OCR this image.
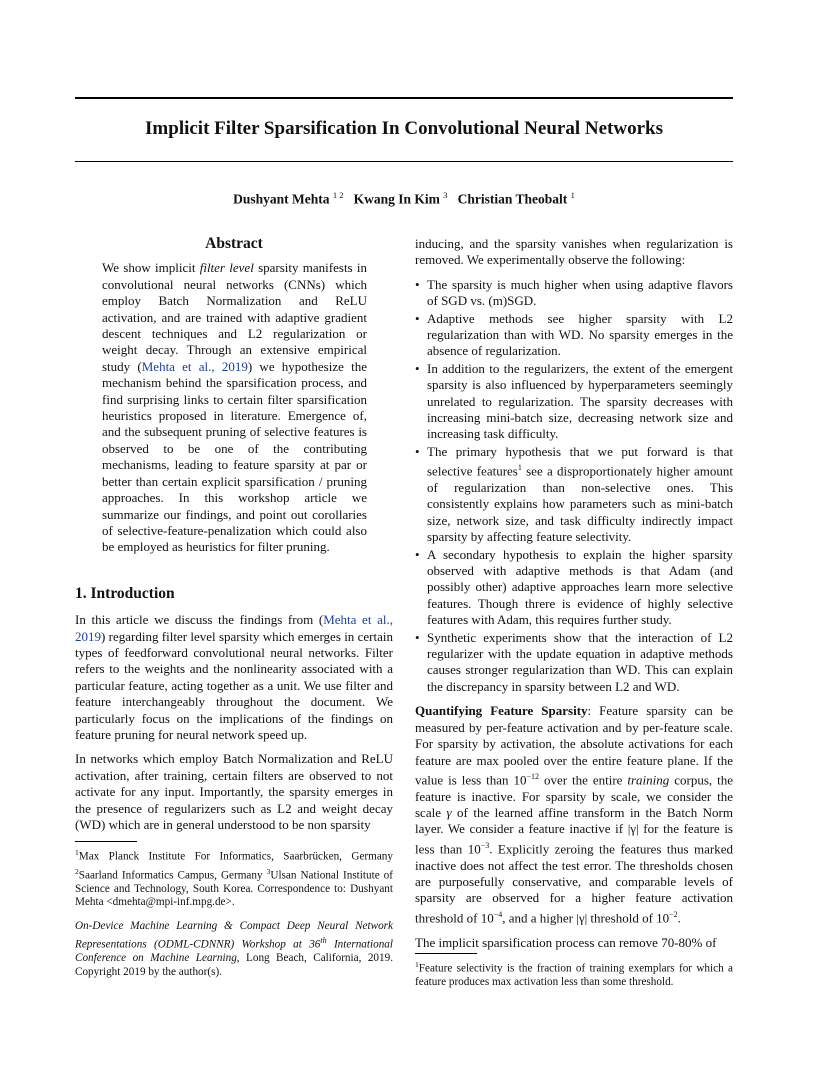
Implicit Filter Sparsification In Convolutional Neural Networks
Dushyant Mehta $^{1 2}$ Kwang In Kim $^3$ Christian Theobalt $^1$
Abstract
We show implicit filter level sparsity manifests in convolutional neural networks (CNNs) which employ Batch Normalization and ReLU activation, and are trained with adaptive gradient descent techniques and L2 regularization or weight decay. Through an extensive empirical study (Mehta et al., 2019) we hypothesize the mechanism behind the sparsification process, and find surprising links to certain filter sparsification heuristics proposed in literature. Emergence of, and the subsequent pruning of selective features is observed to be one of the contributing mechanisms, leading to feature sparsity at par or better than certain explicit sparsification / pruning approaches. In this workshop article we summarize our findings, and point out corollaries of selective-feature-penalization which could also be employed as heuristics for filter pruning.
1. Introduction

In this article we discuss the findings from (Mehta et al., 2019) regarding filter level sparsity which emerges in certain types of feedforward convolutional neural networks. Filter refers to the weights and the nonlinearity associated with a particular feature, acting together as a unit. We use filter and feature interchangeably throughout the document. We particularly focus on the implications of the findings on feature pruning for neural network speed up.

In networks which employ Batch Normalization and ReLU activation, after training, certain filters are observed to not activate for any input. Importantly, the sparsity emerges in the presence of regularizers such as L2 and weight decay (WD) which are in general understood to be non sparsity

$^1$Max Planck Institute For Informatics, Saarbrücken, Germany $^2$Saarland Informatics Campus, Germany $^3$Ulsan National Institute of Science and Technology, South Korea. Correspondence to: Dushyant Mehta <dmehta@mpi-inf.mpg.de>.
On-Device Machine Learning & Compact Deep Neural Network Representations (ODML-CDNNR) Workshop at 36th International Conference on Machine Learning, Long Beach, California, 2019. Copyright 2019 by the author(s).

inducing, and the sparsity vanishes when regularization is removed. We experimentally observe the following:

• The sparsity is much higher when using adaptive flavors of SGD vs. (m)SGD.
• Adaptive methods see higher sparsity with L2 regularization than with WD. No sparsity emerges in the absence of regularization.
• In addition to the regularizers, the extent of the emergent sparsity is also influenced by hyperparameters seemingly unrelated to regularization. The sparsity decreases with increasing mini-batch size, decreasing network size and increasing task difficulty.
• The primary hypothesis that we put forward is that selective features$^1$ see a disproportionately higher amount of regularization than non-selective ones. This consistently explains how parameters such as mini-batch size, network size, and task difficulty indirectly impact sparsity by affecting feature selectivity.
• A secondary hypothesis to explain the higher sparsity observed with adaptive methods is that Adam (and possibly other) adaptive approaches learn more selective features. Though threre is evidence of highly selective features with Adam, this requires further study.
• Synthetic experiments show that the interaction of L2 regularizer with the update equation in adaptive methods causes stronger regularization than WD. This can explain the discrepancy in sparsity between L2 and WD.

Quantifying Feature Sparsity: Feature sparsity can be measured by per-feature activation and by per-feature scale. For sparsity by activation, the absolute activations for each feature are max pooled over the entire feature plane. If the value is less than $10^{-12}$ over the entire training corpus, the feature is inactive. For sparsity by scale, we consider the scale γ of the learned affine transform in the Batch Norm layer. We consider a feature inactive if |γ| for the feature is less than $10^{-3}$. Explicitly zeroing the features thus marked inactive does not affect the test error. The thresholds chosen are purposefully conservative, and comparable levels of sparsity are observed for a higher feature activation threshold of $10^{-4}$, and a higher |γ| threshold of $10^{-2}$.

The implicit sparsification process can remove 70-80% of

$^1$Feature selectivity is the fraction of training exemplars for which a feature produces max activation less than some threshold.
